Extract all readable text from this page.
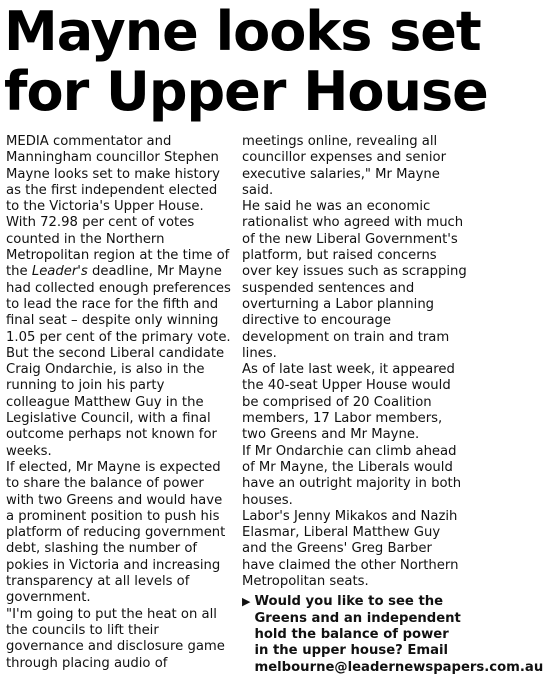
Mayne looks set
for Upper House

MEDIA commentator and Manningham councillor Stephen Mayne looks set to make history as the first independent elected to the Victoria's Upper House.

With 72.98 per cent of votes counted in the Northern Metropolitan region at the time of the Leader's deadline, Mr Mayne had collected enough preferences to lead the race for the fifth and final seat – despite only winning 1.05 per cent of the primary vote.

But the second Liberal candidate Craig Ondarchie, is also in the running to join his party

colleague Matthew Guy in the Legislative Council, with a final outcome perhaps not known for weeks.

If elected, Mr Mayne is expected to share the balance of power with two Greens and would have a prominent position to push his platform of reducing government debt, slashing the number of pokies in Victoria and increasing transparency at all levels of government.

"I'm going to put the heat on all the councils to lift their governance and disclosure game through placing audio of

meetings online, revealing all councillor expenses and senior executive salaries," Mr Mayne said.

He said he was an economic rationalist who agreed with much of the new Liberal Government's platform, but raised concerns over key issues such as scrapping suspended sentences and overturning a Labor planning directive to encourage development on train and tram lines.

As of late last week, it appeared the 40-seat Upper House would be comprised of 20 Coalition

members, 17 Labor members, two Greens and Mr Mayne.

If Mr Ondarchie can climb ahead of Mr Mayne, the Liberals would have an outright majority in both houses.

Labor's Jenny Mikakos and Nazih Elasmar, Liberal Matthew Guy and the Greens' Greg Barber have claimed the other Northern Metropolitan seats.

▶ Would you like to see the Greens and an independent hold the balance of power in the upper house? Email melbourne@leadernewspapers.com.au
